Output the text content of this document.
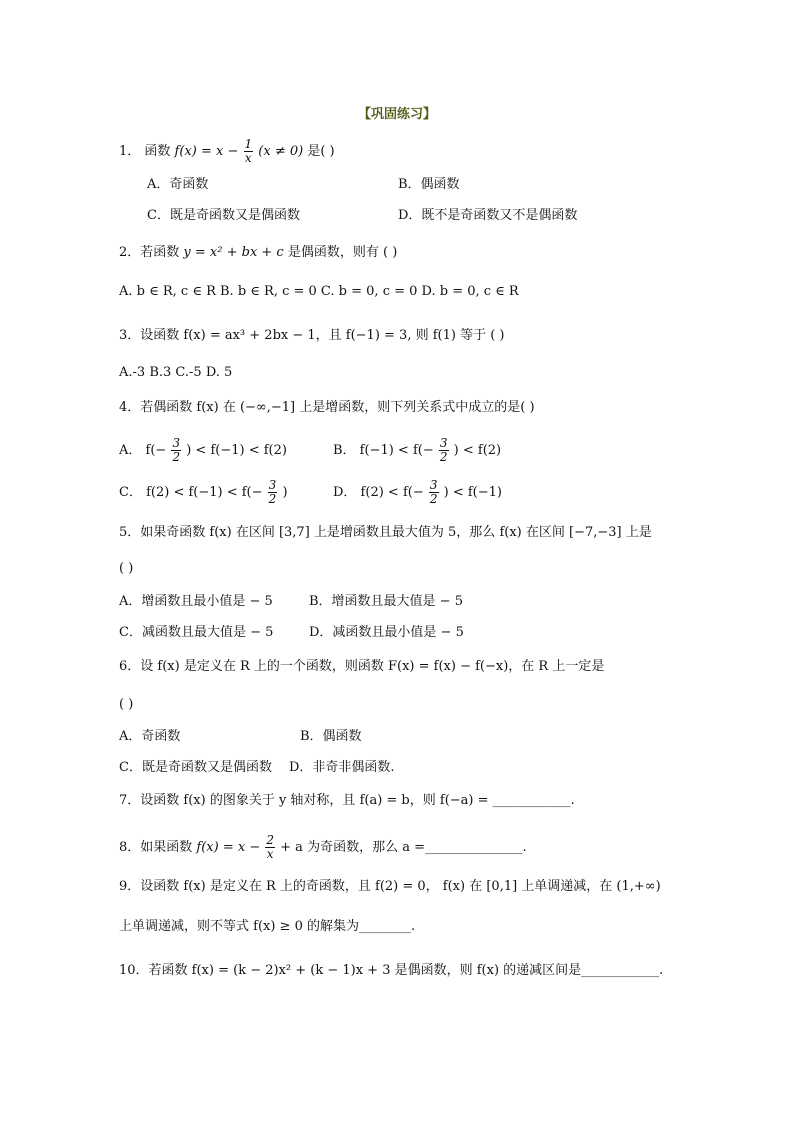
【巩固练习】
1． 函数 $f(x) = x - \frac{1}{x} (x \ne 0)$ 是( )
A．奇函数	B．偶函数
C．既是奇函数又是偶函数	D．既不是奇函数又不是偶函数
2．若函数 y = x² + bx + c 是偶函数，则有 ( )
A. b ∈ R, c ∈ R B. b ∈ R, c = 0 C. b = 0, c = 0 D. b = 0, c ∈ R
3．设函数 f(x) = ax³ + 2bx − 1，且 f(−1) = 3, 则 f(1) 等于 ( )
A.-3 B.3 C.-5 D. 5
4．若偶函数 f(x) 在 (−∞,−1] 上是增函数，则下列关系式中成立的是( )
A． $f(- \frac{3}{2}$ ) < f(−1) < f(2)	B． $f(-1) < f(- \frac{3}{2}$ ) < f(2)
C． $f(2) < f(-1) < f(- \frac{3}{2}$ )	D． $f(2) < f(- \frac{3}{2}$ ) < f(−1)
5．如果奇函数 f(x) 在区间 [3,7] 上是增函数且最大值为 5，那么 f(x) 在区间 [−7,−3] 上是
( )
A．增函数且最小值是 − 5	B．增函数且最大值是 − 5
C．减函数且最大值是 − 5	D．减函数且最小值是 − 5
6．设 f(x) 是定义在 R 上的一个函数，则函数 F(x) = f(x) − f(−x)，在 R 上一定是
( )
A．奇函数	B．偶函数
C．既是奇函数又是偶函数 D．非奇非偶函数.
7．设函数 f(x) 的图象关于 y 轴对称，且 f(a) = b，则 f(−a) = ____________.
8．如果函数 $f(x) = x - \frac{2}{x} + a$ 为奇函数，那么 a =_______________.
9．设函数 f(x) 是定义在 R 上的奇函数，且 f(2) = 0， f(x) 在 [0,1] 上单调递减，在 (1,+∞)
上单调递减，则不等式 f(x) ≥ 0 的解集为________.
10．若函数 f(x) = (k − 2)x² + (k − 1)x + 3 是偶函数，则 f(x) 的递减区间是____________.
